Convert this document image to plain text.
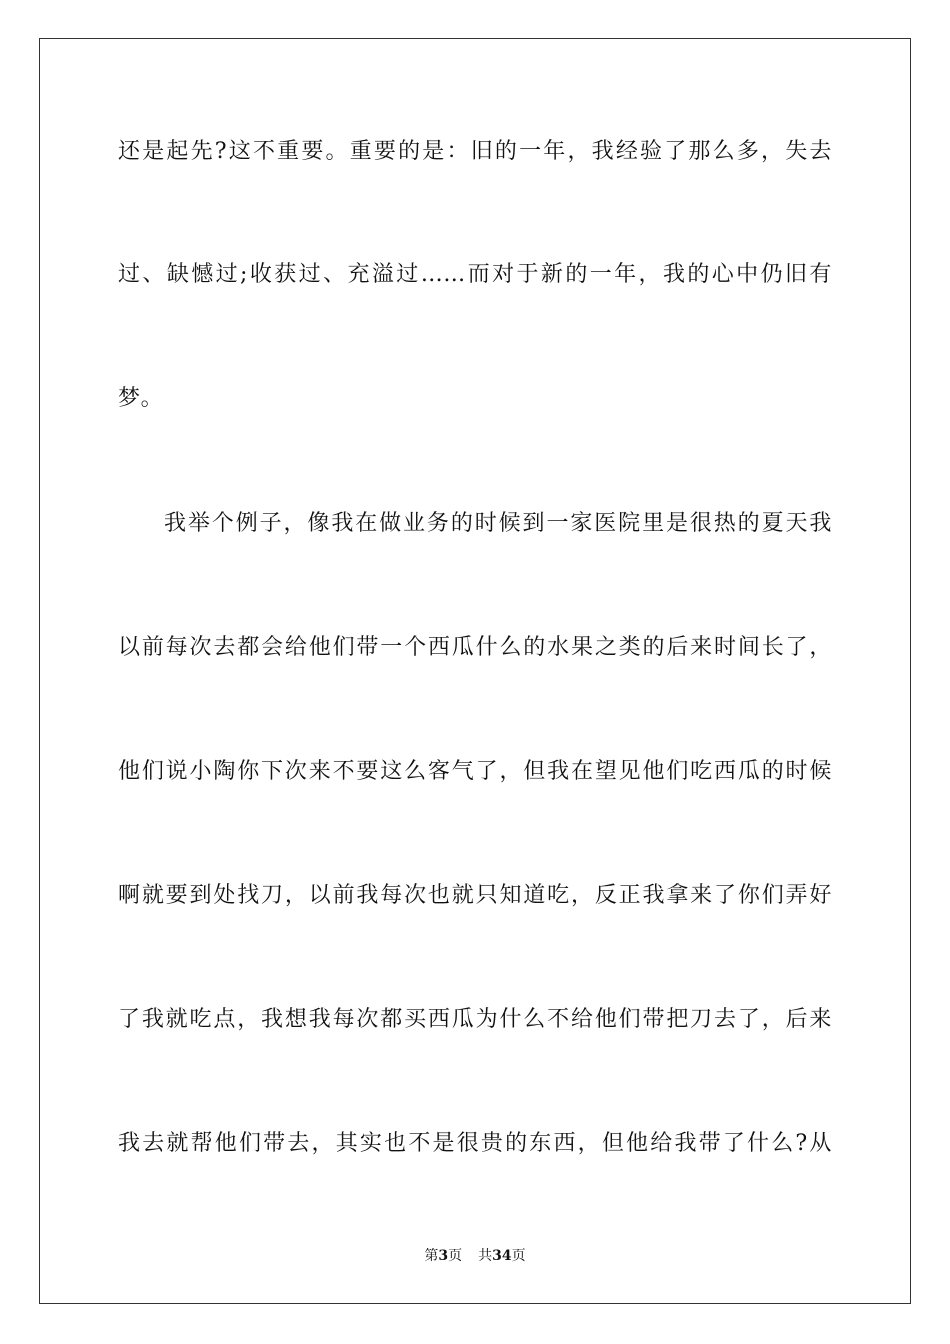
还是起先?这不重要。重要的是：旧的一年，我经验了那么多，失去
过、缺憾过;收获过、充溢过……而对于新的一年，我的心中仍旧有
梦。
我举个例子，像我在做业务的时候到一家医院里是很热的夏天我
以前每次去都会给他们带一个西瓜什么的水果之类的后来时间长了，
他们说小陶你下次来不要这么客气了，但我在望见他们吃西瓜的时候
啊就要到处找刀，以前我每次也就只知道吃，反正我拿来了你们弄好
了我就吃点，我想我每次都买西瓜为什么不给他们带把刀去了，后来
我去就帮他们带去，其实也不是很贵的东西，但他给我带了什么?从
第3页 共34页
